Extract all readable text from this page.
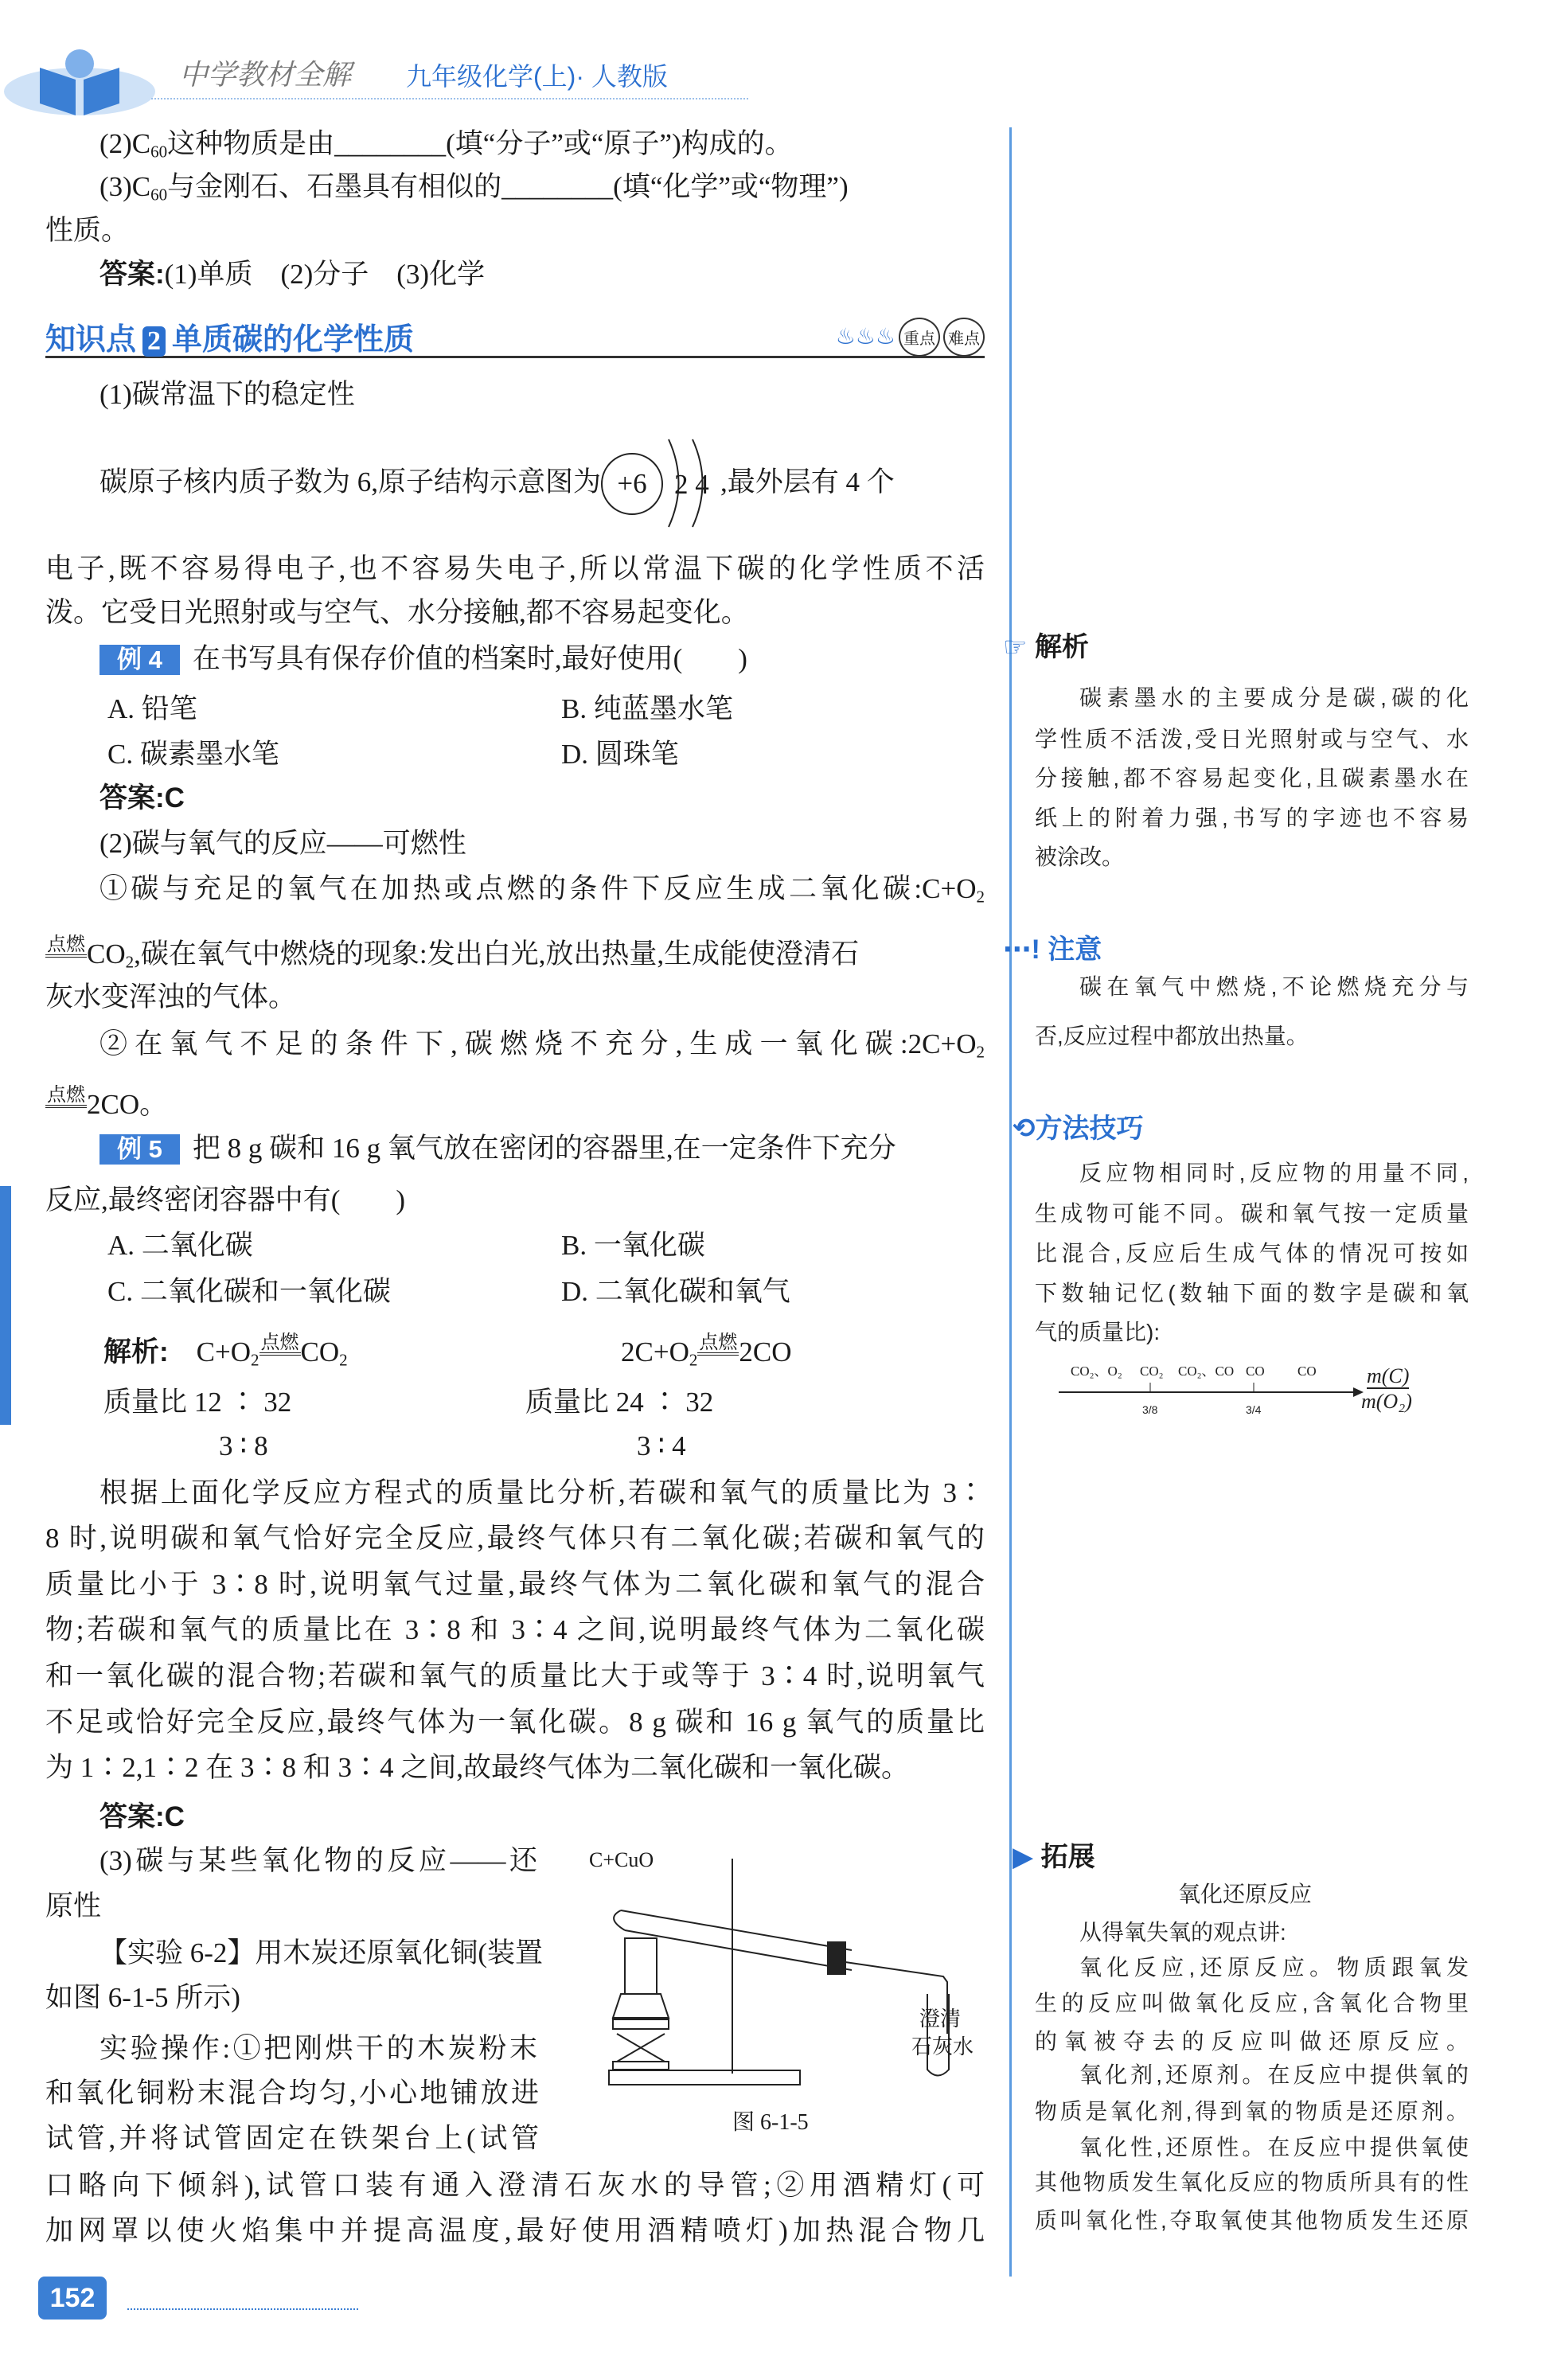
中学教材全解 九年级化学(上)· 人教版
$(2)C_{60}$这种物质是由________(填“分子”或“原子”)构成的。
$(3)C_{60}$与金刚石、石墨具有相似的________(填“化学”或“物理”)
性质。
答案:(1)单质　(2)分子　(3)化学
知识点 2 单质碳的化学性质	♨♨♨ 重点 难点
(1)碳常温下的稳定性
碳原子核内质子数为 6,原子结构示意图为 +6 2 4 ,最外层有 4 个
电子,既不容易得电子,也不容易失电子,所以常温下碳的化学性质不活
泼。它受日光照射或与空气、水分接触,都不容易起变化。
例 4 在书写具有保存价值的档案时,最好使用(　　)
A. 铅笔	B. 纯蓝墨水笔
C. 碳素墨水笔	D. 圆珠笔
答案:C
(2)碳与氧气的反应——可燃性
①碳与充足的氧气在加热或点燃的条件下反应生成二氧化碳$:C+O_2$
点燃$CO_2$,碳在氧气中燃烧的现象:发出白光,放出热量,生成能使澄清石
灰水变浑浊的气体。
②在氧气不足的条件下,碳燃烧不充分,生成一氧化碳$:2C+O_2$
点燃2CO。
例 5 把 8 g 碳和 16 g 氧气放在密闭的容器里,在一定条件下充分
反应,最终密闭容器中有(　　)
A. 二氧化碳	B. 一氧化碳
C. 二氧化碳和一氧化碳	D. 二氧化碳和氧气
解析:　 $C+O_2$点燃$CO_2$	$2C+O_2$点燃2CO
质量比 12 ∶ 32	质量比 24 ∶ 32
3 ∶ 8	3 ∶ 4
根据上面化学反应方程式的质量比分析,若碳和氧气的质量比为 3∶
8 时,说明碳和氧气恰好完全反应,最终气体只有二氧化碳;若碳和氧气的
质量比小于 3∶8 时,说明氧气过量,最终气体为二氧化碳和氧气的混合
物;若碳和氧气的质量比在 3∶8 和 3∶4 之间,说明最终气体为二氧化碳
和一氧化碳的混合物;若碳和氧气的质量比大于或等于 3∶4 时,说明氧气
不足或恰好完全反应,最终气体为一氧化碳。8 g 碳和 16 g 氧气的质量比
为 1∶2,1∶2 在 3∶8 和 3∶4 之间,故最终气体为二氧化碳和一氧化碳。
答案:C
(3)碳与某些氧化物的反应——还
原性
【实验 6-2】用木炭还原氧化铜(装置
如图 6-1-5 所示)
实验操作:①把刚烘干的木炭粉末
和氧化铜粉末混合均匀,小心地铺放进
试管,并将试管固定在铁架台上(试管
口略向下倾斜),试管口装有通入澄清石灰水的导管;②用酒精灯(可
加网罩以使火焰集中并提高温度,最好使用酒精喷灯)加热混合物几
C+CuO
澄清
石灰水
图 6-1-5
152
☞ 解析
碳素墨水的主要成分是碳,碳的化
学性质不活泼,受日光照射或与空气、水
分接触,都不容易起变化,且碳素墨水在
纸上的附着力强,书写的字迹也不容易
被涂改。
‧‧‧! 注意
碳在氧气中燃烧,不论燃烧充分与
否,反应过程中都放出热量。
⟲方法技巧
反应物相同时,反应物的用量不同,
生成物可能不同。碳和氧气按一定质量
比混合,反应后生成气体的情况可按如
下数轴记忆(数轴下面的数字是碳和氧
气的质量比):
CO₂、O₂ CO₂ CO₂、CO CO CO
3/8	3/4
m(C)
m(O₂)
▶ 拓展
氧化还原反应
从得氧失氧的观点讲:
氧化反应,还原反应。物质跟氧发
生的反应叫做氧化反应,含氧化合物里
的氧被夺去的反应叫做还原反应。
氧化剂,还原剂。在反应中提供氧的
物质是氧化剂,得到氧的物质是还原剂。
氧化性,还原性。在反应中提供氧使
其他物质发生氧化反应的物质所具有的性
质叫氧化性,夺取氧使其他物质发生还原
